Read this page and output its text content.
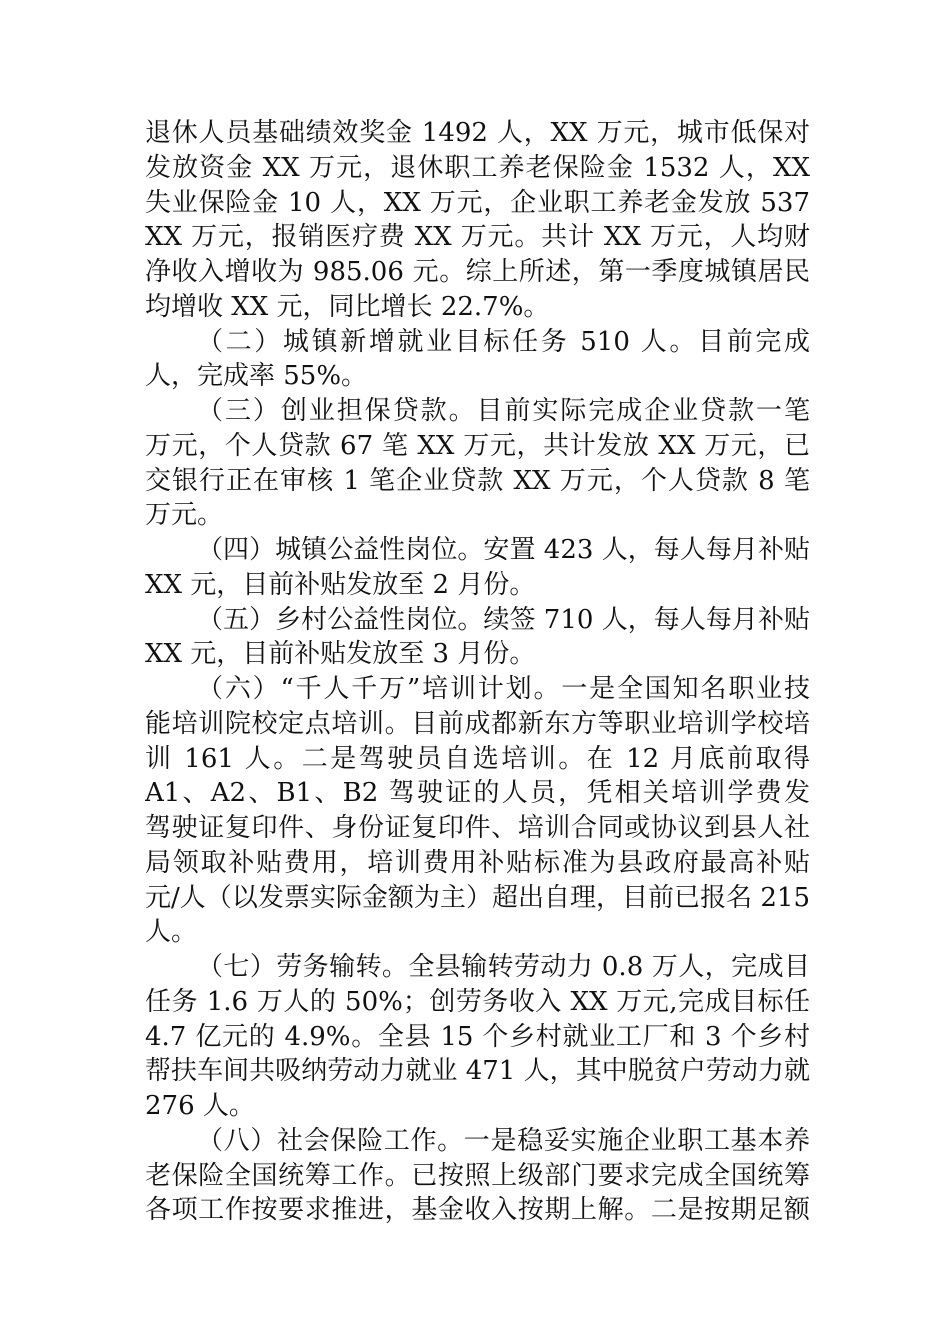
退休人员基础绩效奖金 1492 人，XX 万元，城市低保对
发放资金 XX 万元，退休职工养老保险金 1532 人，XX
失业保险金 10 人，XX 万元，企业职工养老金发放 537
XX 万元，报销医疗费 XX 万元。共计 XX 万元，人均财
净收入增收为 985.06 元。综上所述，第一季度城镇居民
均增收 XX 元，同比增长 22.7%。
（二）城镇新增就业目标任务 510 人。目前完成
人，完成率 55%。
（三）创业担保贷款。目前实际完成企业贷款一笔
万元，个人贷款 67 笔 XX 万元，共计发放 XX 万元，已
交银行正在审核 1 笔企业贷款 XX 万元，个人贷款 8 笔
万元。
（四）城镇公益性岗位。安置 423 人，每人每月补贴
XX 元，目前补贴发放至 2 月份。
（五）乡村公益性岗位。续签 710 人，每人每月补贴
XX 元，目前补贴发放至 3 月份。
（六）“千人千万”培训计划。一是全国知名职业技
能培训院校定点培训。目前成都新东方等职业培训学校培
训 161 人。二是驾驶员自选培训。在 12 月底前取得
A1、A2、B1、B2 驾驶证的人员，凭相关培训学费发
驾驶证复印件、身份证复印件、培训合同或协议到县人社
局领取补贴费用，培训费用补贴标准为县政府最高补贴
元/人（以发票实际金额为主）超出自理，目前已报名 215
人。
（七）劳务输转。全县输转劳动力 0.8 万人，完成目
任务 1.6 万人的 50%；创劳务收入 XX 万元,完成目标任
4.7 亿元的 4.9%。全县 15 个乡村就业工厂和 3 个乡村
帮扶车间共吸纳劳动力就业 471 人，其中脱贫户劳动力就
276 人。
（八）社会保险工作。一是稳妥实施企业职工基本养
老保险全国统筹工作。已按照上级部门要求完成全国统筹
各项工作按要求推进，基金收入按期上解。二是按期足额
